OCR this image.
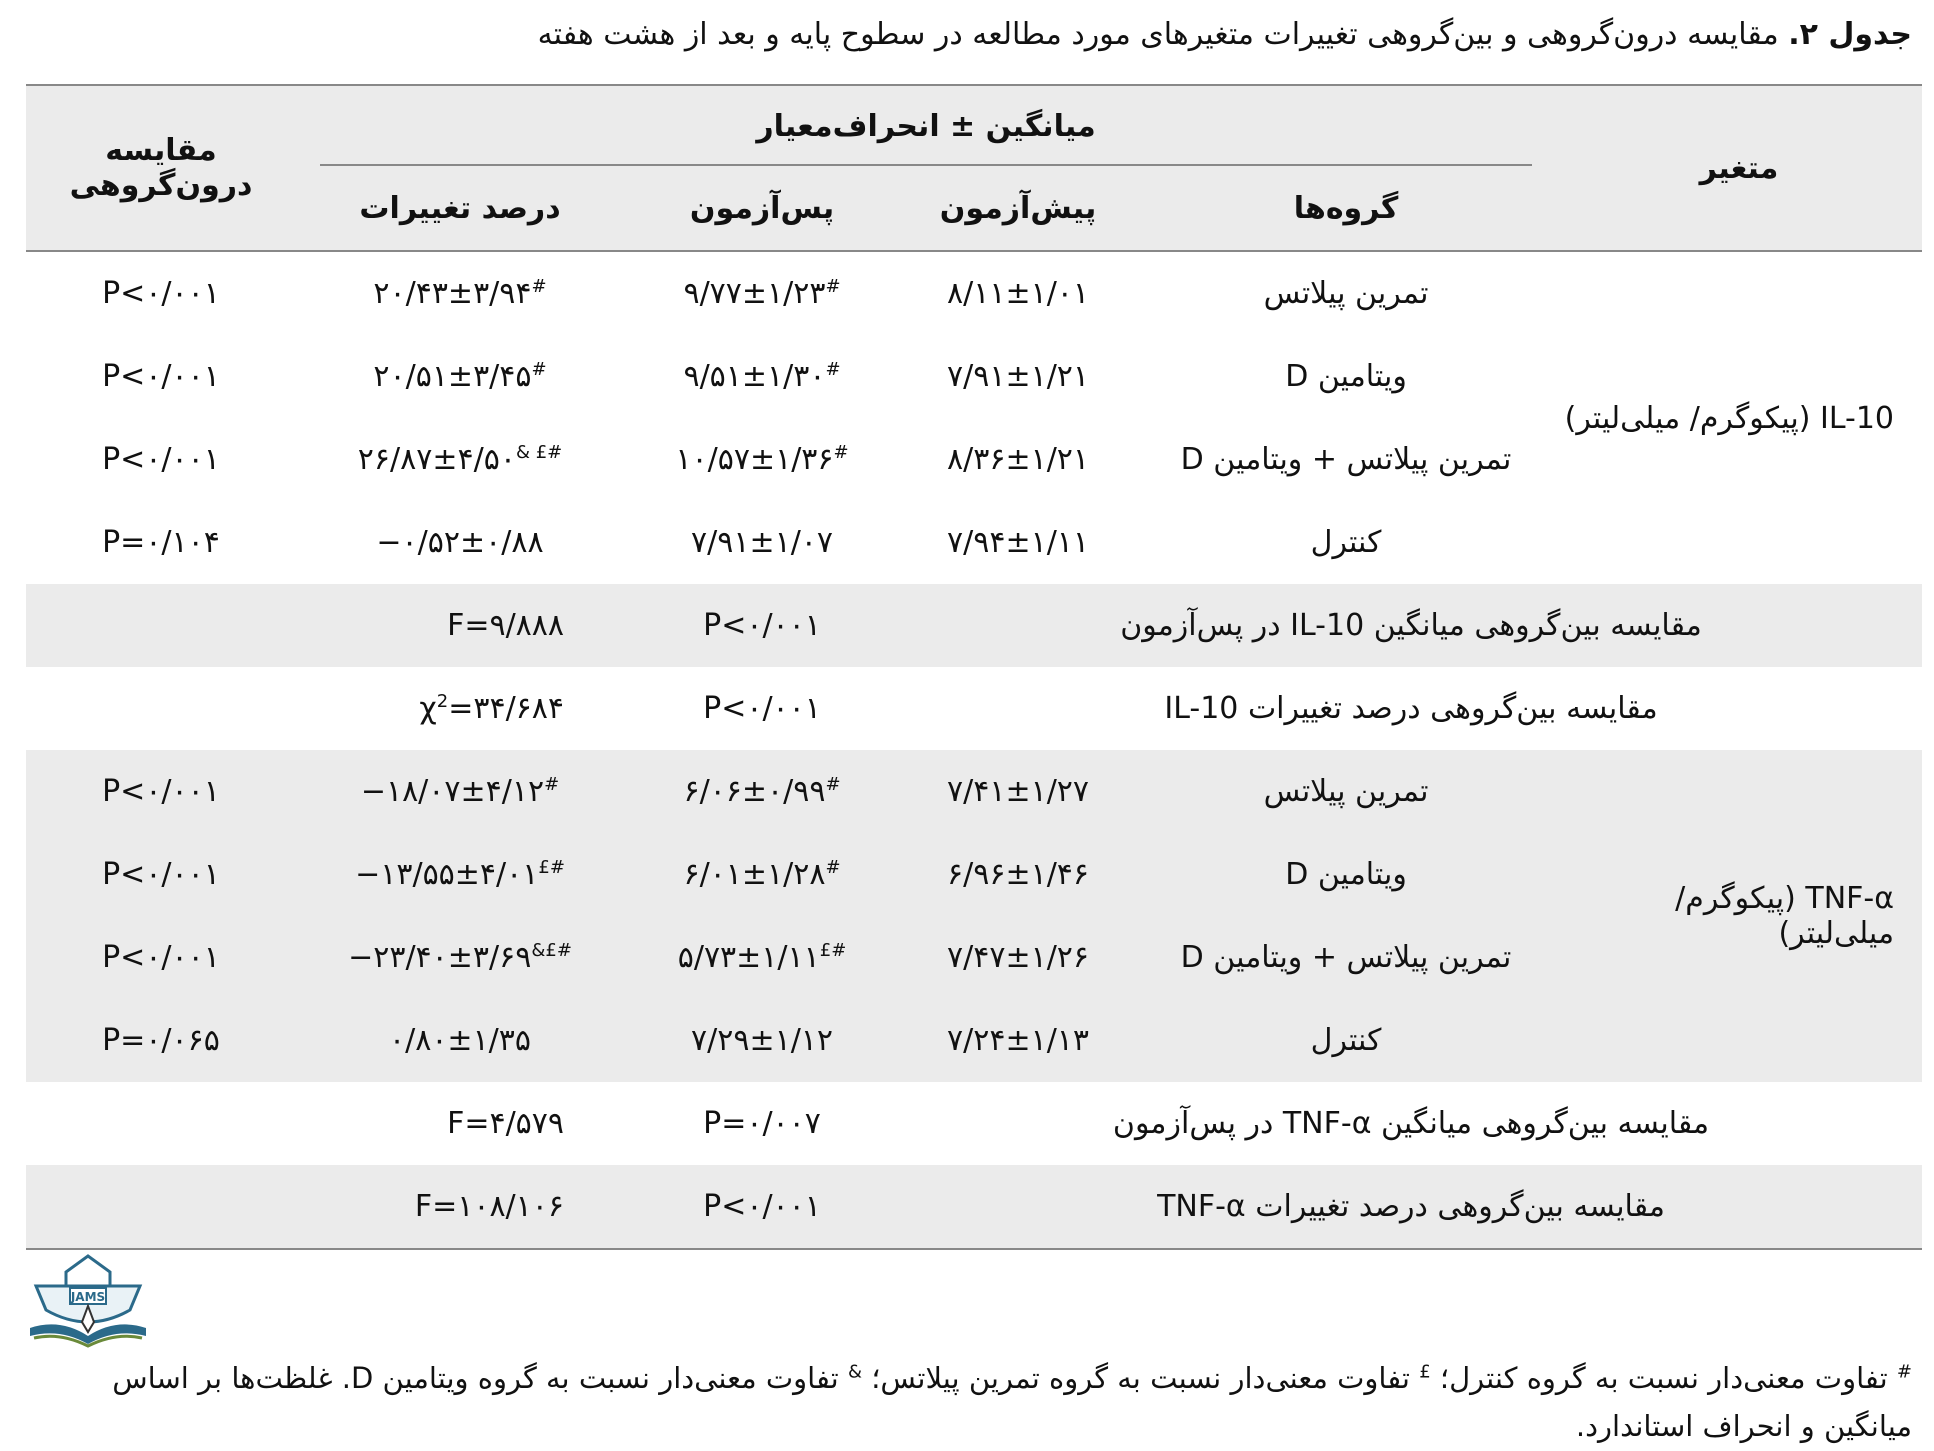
جدول ۲. مقایسه درون‌گروهی و بین‌گروهی تغییرات متغیرهای مورد مطالعه در سطوح پایه و بعد از هشت هفته
متغیر	میانگین ± انحراف‌معیار				مقایسه درون‌گروهی
	گروه‌ها	پیش‌آزمون	پس‌آزمون	درصد تغییرات	
IL-10 (پیکوگرم/ میلی‌لیتر)	تمرین پیلاتس	۸/۱۱±۱/۰۱	۹/۷۷±۱/۲۳#	۲۰/۴۳±۳/۹۴#	P<۰/۰۰۱
	ویتامین D	۷/۹۱±۱/۲۱	۹/۵۱±۱/۳۰#	۲۰/۵۱±۳/۴۵#	P<۰/۰۰۱
	تمرین پیلاتس + ویتامین D	۸/۳۶±۱/۲۱	۱۰/۵۷±۱/۳۶#	۲۶/۸۷±۴/۵۰& £#	P<۰/۰۰۱
	کنترل	۷/۹۴±۱/۱۱	۷/۹۱±۱/۰۷	−۰/۵۲±۰/۸۸	P=۰/۱۰۴
مقایسه بین‌گروهی میانگین IL-10 در پس‌آزمون			P<۰/۰۰۱	F=۹/۸۸۸	
مقایسه بین‌گروهی درصد تغییرات IL-10			P<۰/۰۰۱	$\chi^2=۳۴/۶۸۴$	
TNF-α (پیکوگرم/ میلی‌لیتر)	تمرین پیلاتس	۷/۴۱±۱/۲۷	۶/۰۶±۰/۹۹#	−۱۸/۰۷±۴/۱۲#	P<۰/۰۰۱
	ویتامین D	۶/۹۶±۱/۴۶	۶/۰۱±۱/۲۸#	−۱۳/۵۵±۴/۰۱£#	P<۰/۰۰۱
	تمرین پیلاتس + ویتامین D	۷/۴۷±۱/۲۶	۵/۷۳±۱/۱۱£#	−۲۳/۴۰±۳/۶۹&£#	P<۰/۰۰۱
	کنترل	۷/۲۴±۱/۱۳	۷/۲۹±۱/۱۲	۰/۸۰±۱/۳۵	P=۰/۰۶۵
مقایسه بین‌گروهی میانگین TNF-α در پس‌آزمون			P=۰/۰۰۷	F=۴/۵۷۹	
مقایسه بین‌گروهی درصد تغییرات TNF-α			P<۰/۰۰۱	F=۱۰۸/۱۰۶	
JAMS
# تفاوت معنی‌دار نسبت به گروه کنترل؛ £ تفاوت معنی‌دار نسبت به گروه تمرین پیلاتس؛ & تفاوت معنی‌دار نسبت به گروه ویتامین D. غلظت‌ها بر اساس میانگین و انحراف استاندارد.
